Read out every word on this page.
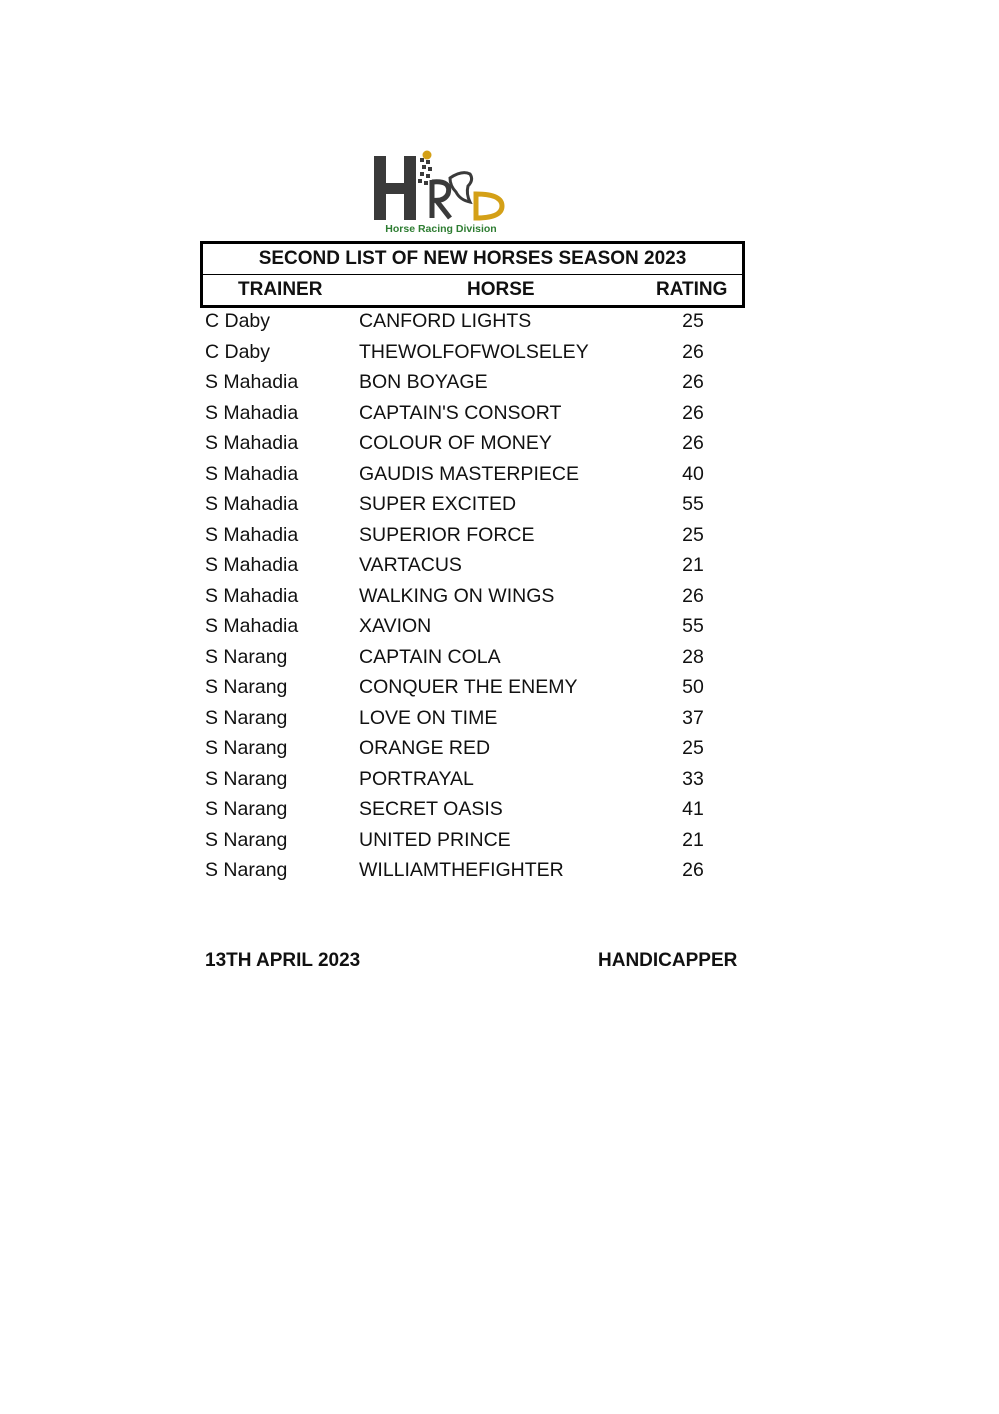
Horse Racing Division
SECOND LIST OF NEW HORSES SEASON 2023
TRAINER	HORSE	RATING
C Daby	CANFORD LIGHTS	25
C Daby	THEWOLFOFWOLSELEY	26
S Mahadia	BON BOYAGE	26
S Mahadia	CAPTAIN'S CONSORT	26
S Mahadia	COLOUR OF MONEY	26
S Mahadia	GAUDIS MASTERPIECE	40
S Mahadia	SUPER EXCITED	55
S Mahadia	SUPERIOR FORCE	25
S Mahadia	VARTACUS	21
S Mahadia	WALKING ON WINGS	26
S Mahadia	XAVION	55
S Narang	CAPTAIN COLA	28
S Narang	CONQUER THE ENEMY	50
S Narang	LOVE ON TIME	37
S Narang	ORANGE RED	25
S Narang	PORTRAYAL	33
S Narang	SECRET OASIS	41
S Narang	UNITED PRINCE	21
S Narang	WILLIAMTHEFIGHTER	26
13TH APRIL 2023	HANDICAPPER
